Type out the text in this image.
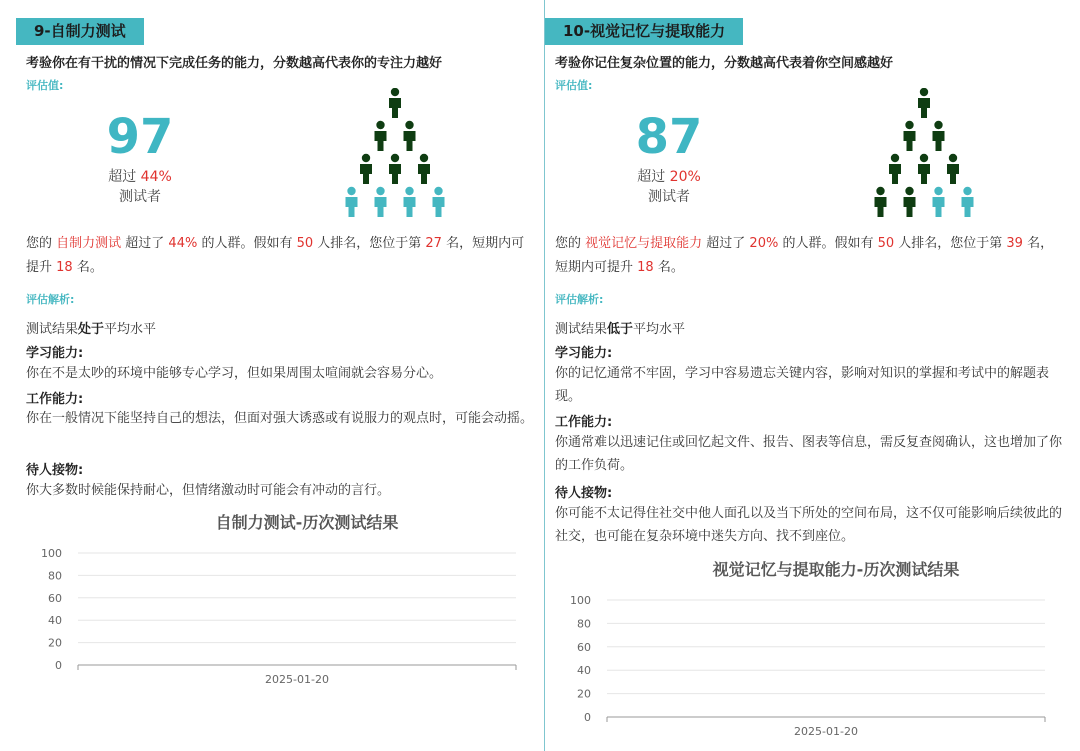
9-自制力测试
考验你在有干扰的情况下完成任务的能力，分数越高代表你的专注力越好
评估值:
97
超过 44%
测试者
您的 自制力测试 超过了 44% 的人群。假如有 50 人排名，您位于第 27 名，短期内可提升 18 名。
评估解析:
测试结果处于平均水平
学习能力:
你在不是太吵的环境中能够专心学习，但如果周围太喧闹就会容易分心。
工作能力:
你在一般情况下能坚持自己的想法，但面对强大诱惑或有说服力的观点时，可能会动摇。
待人接物:
你大多数时候能保持耐心，但情绪激动时可能会有冲动的言行。
自制力测试-历次测试结果
0
20
40
60
80
100
2025-01-20
10-视觉记忆与提取能力
考验你记住复杂位置的能力，分数越高代表着你空间感越好
评估值:
87
超过 20%
测试者
您的 视觉记忆与提取能力 超过了 20% 的人群。假如有 50 人排名，您位于第 39 名，短期内可提升 18 名。
评估解析:
测试结果低于平均水平
学习能力:
你的记忆通常不牢固，学习中容易遗忘关键内容，影响对知识的掌握和考试中的解题表现。
工作能力:
你通常难以迅速记住或回忆起文件、报告、图表等信息，需反复查阅确认，这也增加了你的工作负荷。
待人接物:
你可能不太记得住社交中他人面孔以及当下所处的空间布局，这不仅可能影响后续彼此的社交，也可能在复杂环境中迷失方向、找不到座位。
视觉记忆与提取能力-历次测试结果
0
20
40
60
80
100
2025-01-20
